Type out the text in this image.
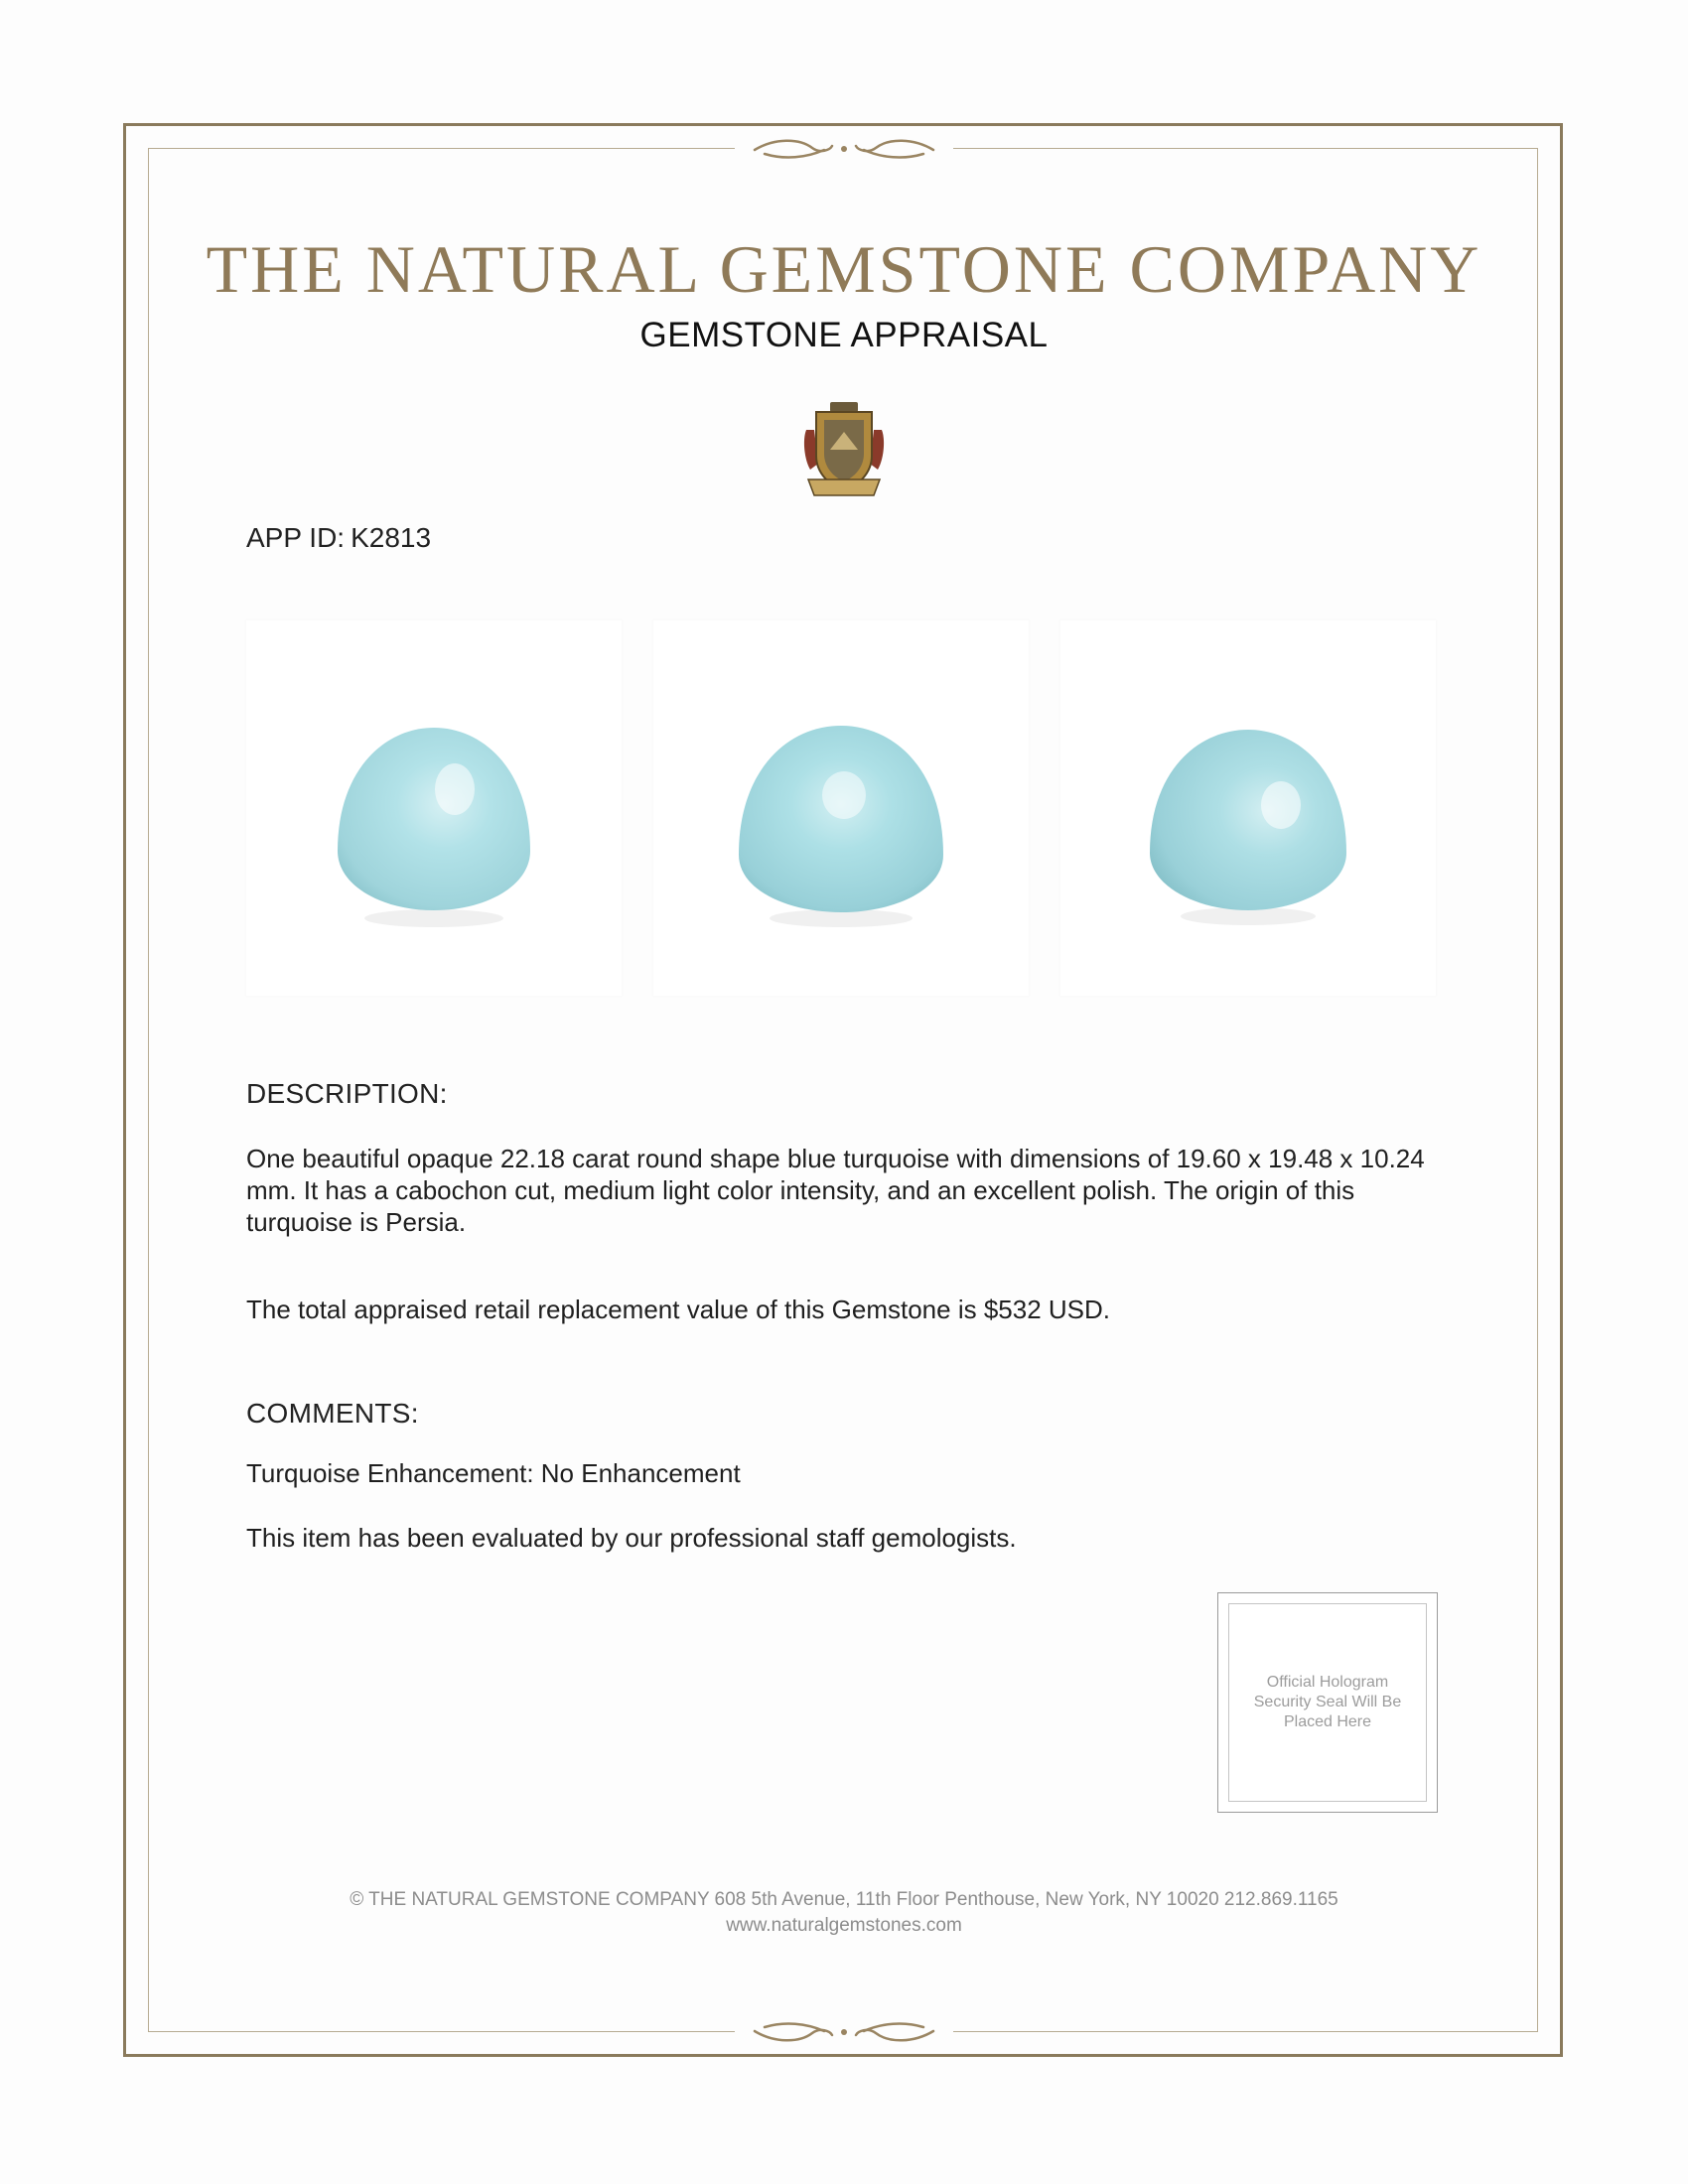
THE NATURAL GEMSTONE COMPANY
GEMSTONE APPRAISAL
APP ID: K2813
DESCRIPTION:
One beautiful opaque 22.18 carat round shape blue turquoise with dimensions of 19.60 x 19.48 x 10.24 mm. It has a cabochon cut, medium light color intensity, and an excellent polish. The origin of this turquoise is Persia.
The total appraised retail replacement value of this Gemstone is $532 USD.
COMMENTS:
Turquoise Enhancement: No Enhancement
This item has been evaluated by our professional staff gemologists.
Official Hologram Security Seal Will Be Placed Here
© THE NATURAL GEMSTONE COMPANY 608 5th Avenue, 11th Floor Penthouse, New York, NY 10020 212.869.1165
www.naturalgemstones.com
